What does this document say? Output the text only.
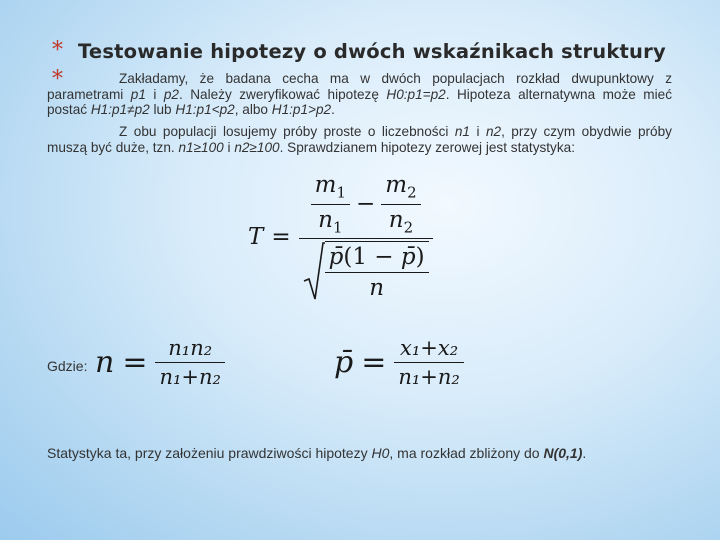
*
*
Testowanie hipotezy o dwóch wskaźnikach struktury
Zakładamy, że badana cecha ma w dwóch populacjach rozkład dwupunktowy z parametrami p1 i p2. Należy zweryfikować hipotezę H0:p1=p2. Hipoteza alternatywna może mieć postać H1:p1≠p2 lub H1:p1<p2, albo H1:p1>p2.
Z obu populacji losujemy próby proste o liczebności n1 i n2, przy czym obydwie próby muszą być duże, tzn. n1≥100 i n2≥100. Sprawdzianem hipotezy zerowej jest statystyka:
T =
$\frac{m_1}{n_1} - \frac{m_2}{n_2}$
$\frac{p̄(1 - p̄)}{n}$
Gdzie: $n = \frac{\text{n₁n₂}}{\text{n₁+n₂}}$	p̄ = $\frac{\text{x₁+x₂}}{\text{n₁+n₂}}$
Statystyka ta, przy założeniu prawdziwości hipotezy H0, ma rozkład zbliżony do N(0,1).
